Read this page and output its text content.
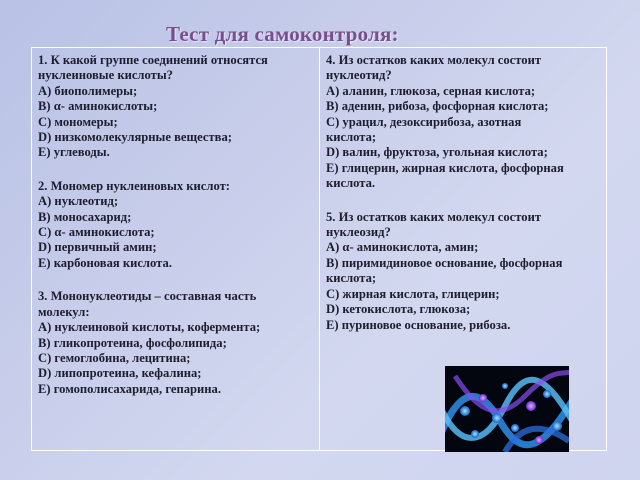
Тест для самоконтроля:
1. К какой группе соединений относятся
нуклеиновые кислоты?
А) биополимеры;
В) α- аминокислоты;
С) мономеры;
D) низкомолекулярные вещества;
Е) углеводы.
2. Мономер нуклеиновых кислот:
А) нуклеотид;
В) моносахарид;
С) α- аминокислота;
D) первичный амин;
Е) карбоновая кислота.
3. Мононуклеотиды – составная часть
молекул:
А) нуклеиновой кислоты, кофермента;
В) гликопротеина, фосфолипида;
С) гемоглобина, лецитина;
D) липопротеина, кефалина;
Е) гомополисахарида, гепарина.
4. Из остатков каких молекул состоит
нуклеотид?
А) аланин, глюкоза, серная кислота;
В) аденин, рибоза, фосфорная кислота;
С) урацил, дезоксирибоза, азотная
кислота;
D) валин, фруктоза, угольная кислота;
Е) глицерин, жирная кислота, фосфорная
кислота.
5. Из остатков каких молекул состоит
нуклеозид?
А) α- аминокислота, амин;
В) пиримидиновое основание, фосфорная
кислота;
С) жирная кислота, глицерин;
D) кетокислота, глюкоза;
Е) пуриновое основание, рибоза.
